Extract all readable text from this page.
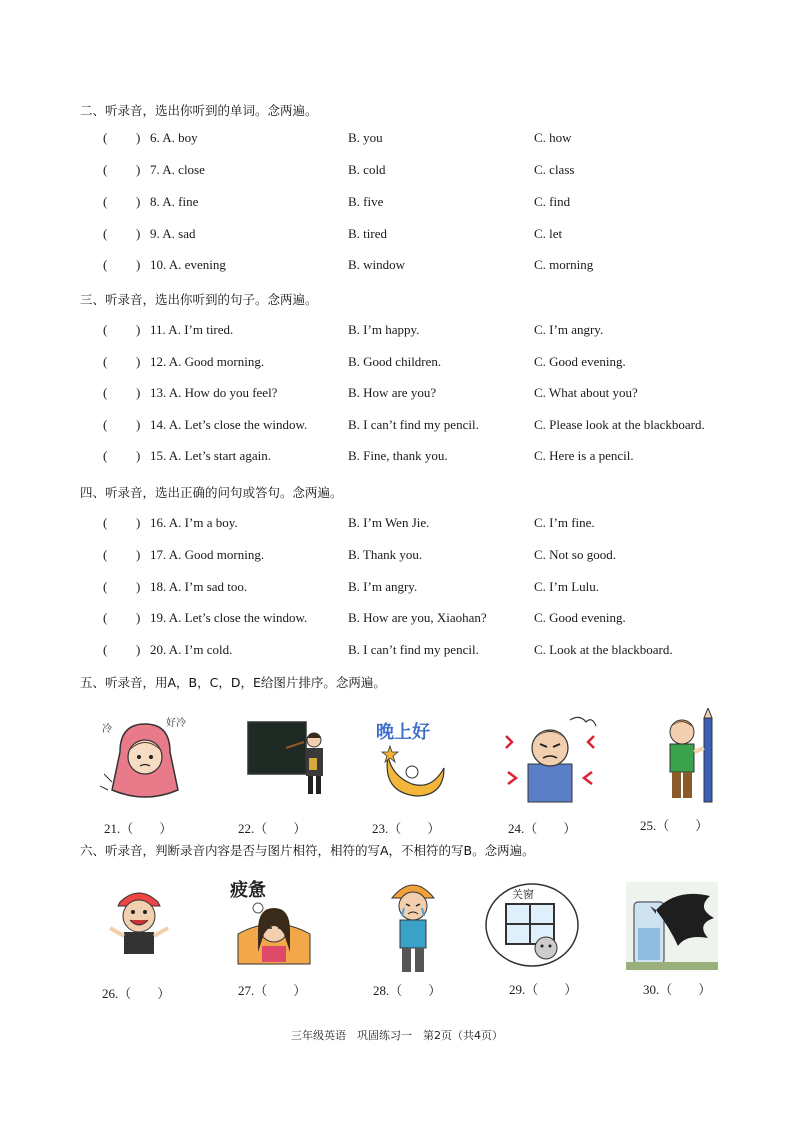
二、听录音，选出你听到的单词。念两遍。
( ) 6. A. boy	B. you	C. how
( ) 7. A. close	B. cold	C. class
( ) 8. A. fine	B. five	C. find
( ) 9. A. sad	B. tired	C. let
( ) 10. A. evening	B. window	C. morning
三、听录音，选出你听到的句子。念两遍。
( ) 11. A. I’m tired.	B. I’m happy.	C. I’m angry.
( ) 12. A. Good morning.	B. Good children.	C. Good evening.
( ) 13. A. How do you feel?	B. How are you?	C. What about you?
( ) 14. A. Let’s close the window.	B. I can’t find my pencil.	C. Please look at the blackboard.
( ) 15. A. Let’s start again.	B. Fine, thank you.	C. Here is a pencil.
四、听录音，选出正确的问句或答句。念两遍。
( ) 16. A. I’m a boy.	B. I’m Wen Jie.	C. I’m fine.
( ) 17. A. Good morning.	B. Thank you.	C. Not so good.
( ) 18. A. I’m sad too.	B. I’m angry.	C. I’m Lulu.
( ) 19. A. Let’s close the window.	B. How are you, Xiaohan?	C. Good evening.
( ) 20. A. I’m cold.	B. I can’t find my pencil.	C. Look at the blackboard.
五、听录音，用A，B，C，D，E给图片排序。念两遍。
冷
好冷	晚上好
21.（　　）	22.（　　）	23.（　　）	24.（　　）	25.（　　）
六、听录音，判断录音内容是否与图片相符，相符的写A，不相符的写B。念两遍。
疲惫	关窗
26.（　　）	27.（　　）	28.（　　）	29.（　　）	30.（　　）
三年级英语　巩固练习一　第2页（共4页）
